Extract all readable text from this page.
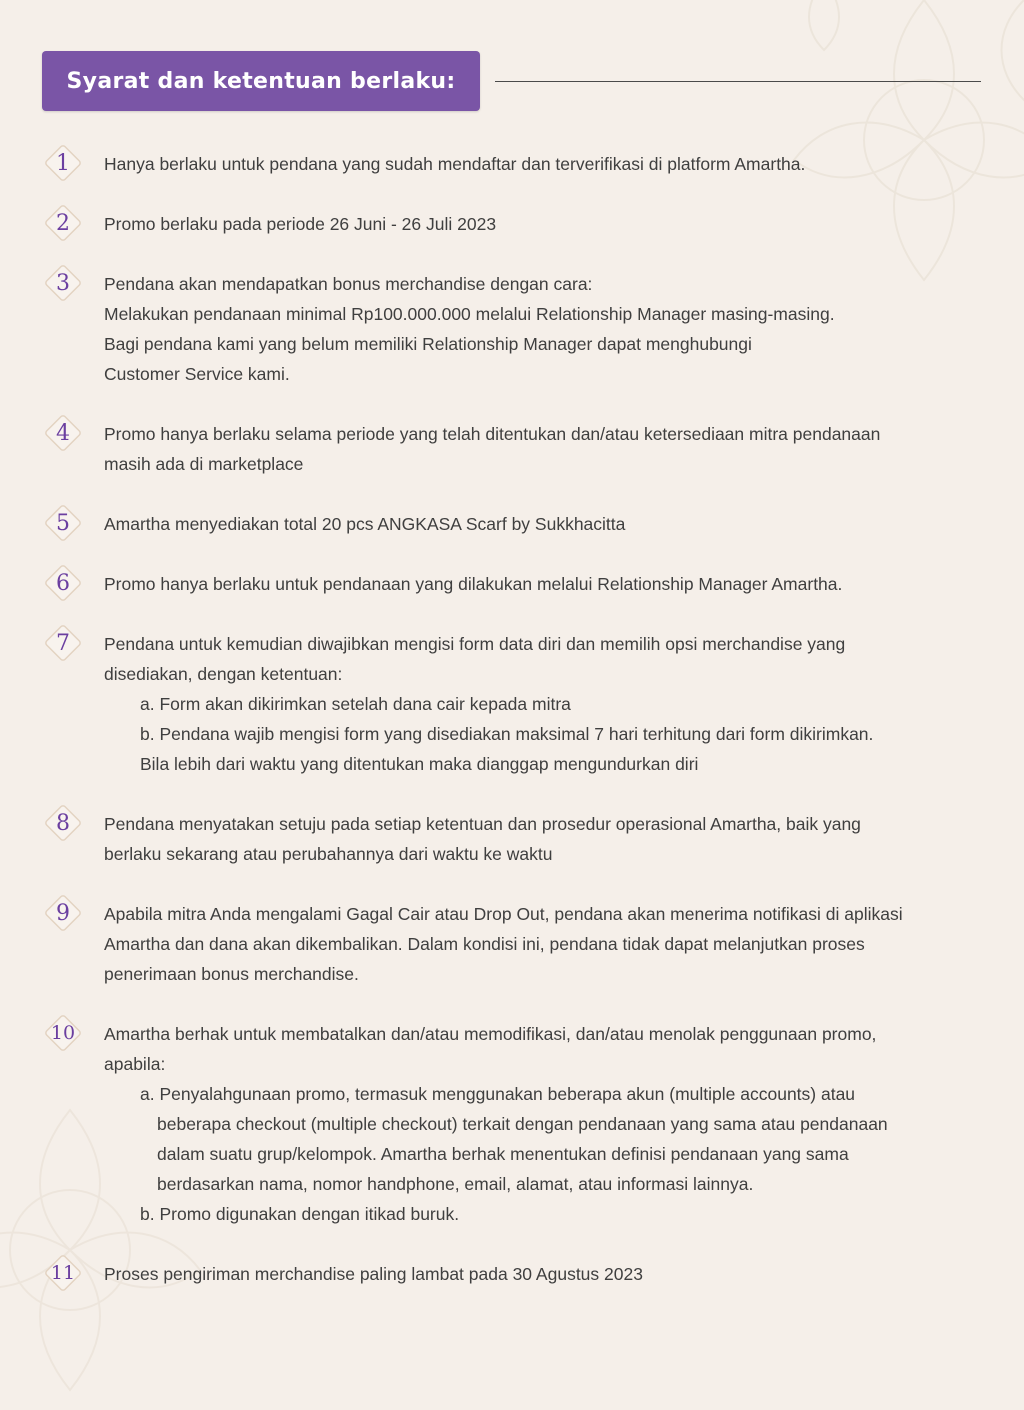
Syarat dan ketentuan berlaku:
1	Hanya berlaku untuk pendana yang sudah mendaftar dan terverifikasi di platform Amartha.
2	Promo berlaku pada periode 26 Juni - 26 Juli 2023
3	Pendana akan mendapatkan bonus merchandise dengan cara:
Melakukan pendanaan minimal Rp100.000.000 melalui Relationship Manager masing-masing.
Bagi pendana kami yang belum memiliki Relationship Manager dapat menghubungi
Customer Service kami.
4	Promo hanya berlaku selama periode yang telah ditentukan dan/atau ketersediaan mitra pendanaan
masih ada di marketplace
5	Amartha menyediakan total 20 pcs ANGKASA Scarf by Sukkhacitta
6	Promo hanya berlaku untuk pendanaan yang dilakukan melalui Relationship Manager Amartha.
7	Pendana untuk kemudian diwajibkan mengisi form data diri dan memilih opsi merchandise yang
disediakan, dengan ketentuan:
a. Form akan dikirimkan setelah dana cair kepada mitra
b. Pendana wajib mengisi form yang disediakan maksimal 7 hari terhitung dari form dikirimkan.
Bila lebih dari waktu yang ditentukan maka dianggap mengundurkan diri
8	Pendana menyatakan setuju pada setiap ketentuan dan prosedur operasional Amartha, baik yang
berlaku sekarang atau perubahannya dari waktu ke waktu
9	Apabila mitra Anda mengalami Gagal Cair atau Drop Out, pendana akan menerima notifikasi di aplikasi
Amartha dan dana akan dikembalikan. Dalam kondisi ini, pendana tidak dapat melanjutkan proses
penerimaan bonus merchandise.
10	Amartha berhak untuk membatalkan dan/atau memodifikasi, dan/atau menolak penggunaan promo,
apabila:
a. Penyalahgunaan promo, termasuk menggunakan beberapa akun (multiple accounts) atau
beberapa checkout (multiple checkout) terkait dengan pendanaan yang sama atau pendanaan
dalam suatu grup/kelompok. Amartha berhak menentukan definisi pendanaan yang sama
berdasarkan nama, nomor handphone, email, alamat, atau informasi lainnya.
b. Promo digunakan dengan itikad buruk.
11	Proses pengiriman merchandise paling lambat pada 30 Agustus 2023
